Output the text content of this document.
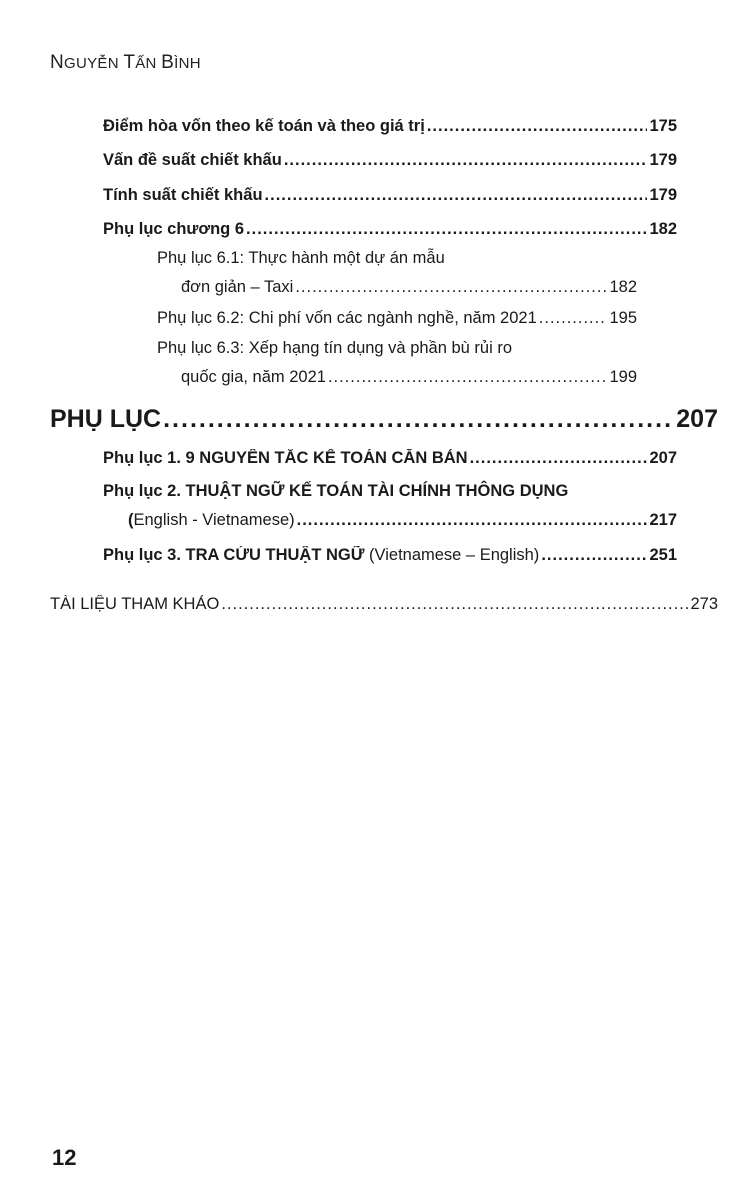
NGUYỄN TẤN BÌNH
Điểm hòa vốn theo kế toán và theo giá trị .....	175
Vấn đề suất chiết khấu .....	179
Tính suất chiết khấu .....	179
Phụ lục chương 6 .....	182
Phụ lục 6.1: Thực hành một dự án mẫu
đơn giản – Taxi .....	182
Phụ lục 6.2: Chi phí vốn các ngành nghề, năm 2021 .....	195
Phụ lục 6.3: Xếp hạng tín dụng và phần bù rủi ro
quốc gia, năm 2021 .....	199
PHỤ LỤC .....	207
Phụ lục 1. 9 NGUYÊN TẮC KẾ TOÁN CĂN BẢN .....	207
Phụ lục 2. THUẬT NGỮ KẾ TOÁN TÀI CHÍNH THÔNG DỤNG
(English - Vietnamese) .....	217
Phụ lục 3. TRA CỨU THUẬT NGỮ (Vietnamese – English) .....	251
TÀI LIỆU THAM KHẢO .....	273
12
